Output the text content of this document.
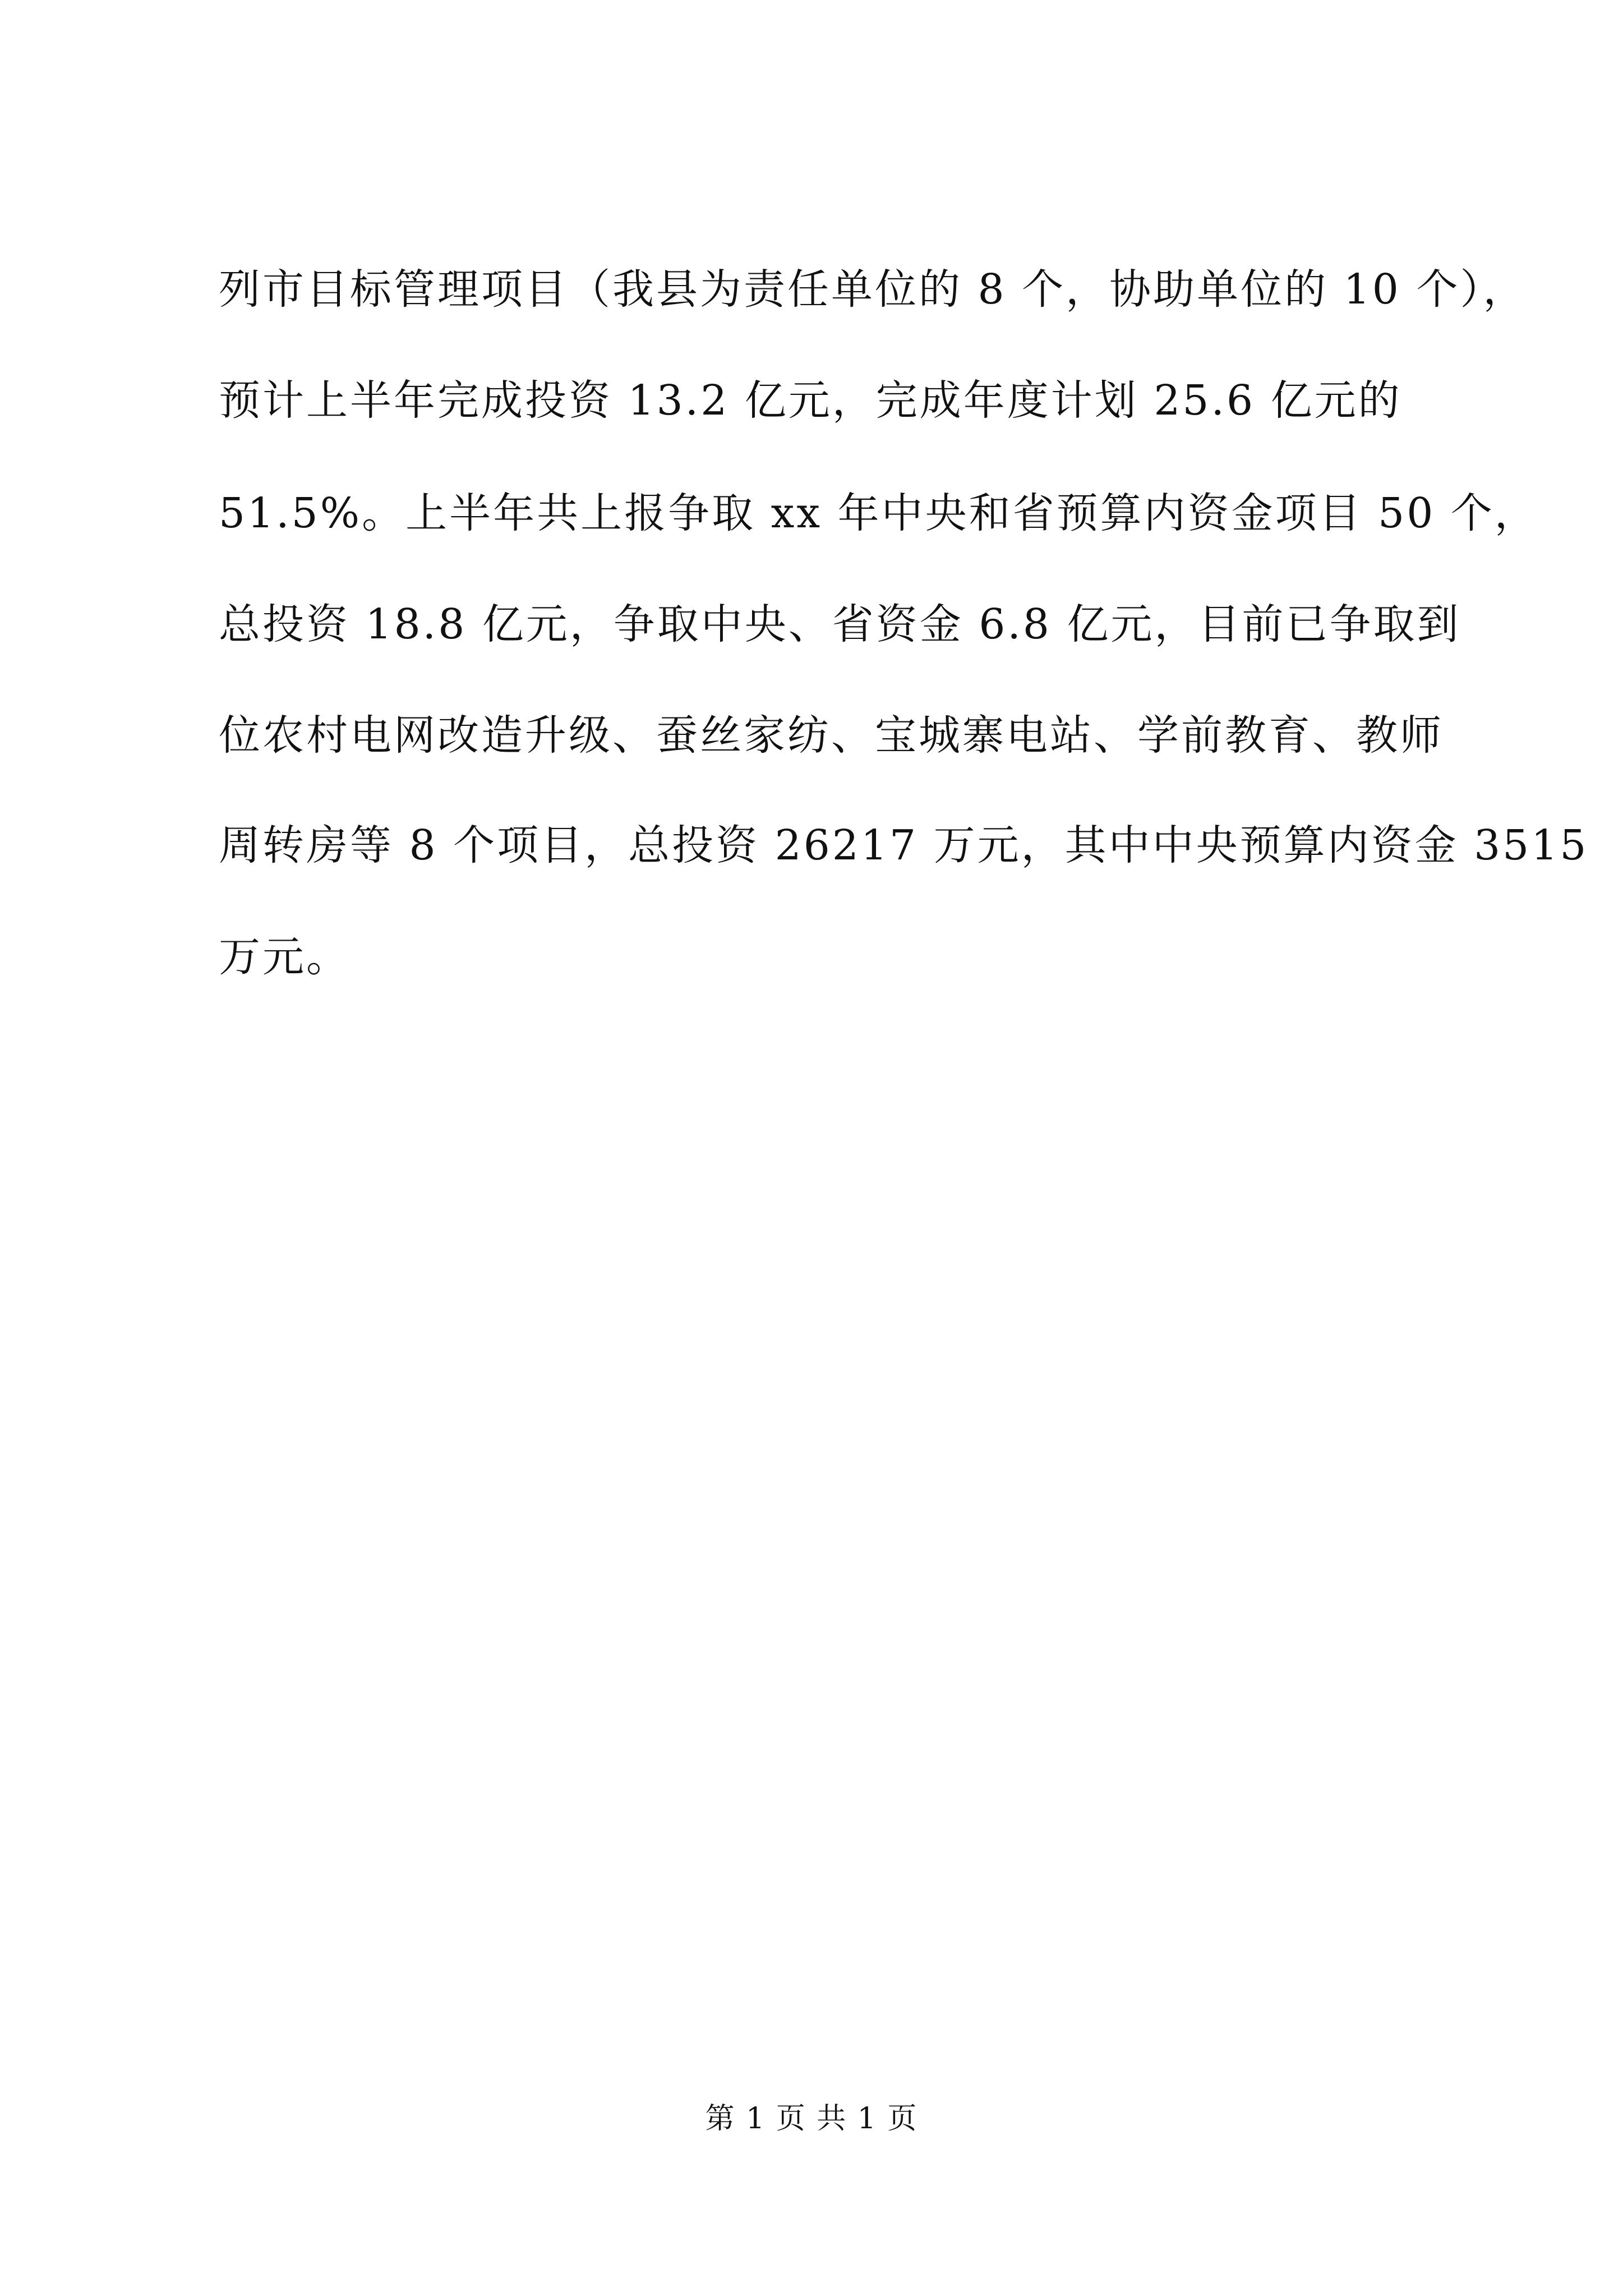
列市目标管理项目（我县为责任单位的 8 个，协助单位的 10 个），
预计上半年完成投资 13.2 亿元，完成年度计划 25.6 亿元的
51.5%。上半年共上报争取 xx 年中央和省预算内资金项目 50 个，
总投资 18.8 亿元，争取中央、省资金 6.8 亿元，目前已争取到
位农村电网改造升级、蚕丝家纺、宝城寨电站、学前教育、教师
周转房等 8 个项目，总投资 26217 万元，其中中央预算内资金 3515
万元。
第 1 页 共 1 页
